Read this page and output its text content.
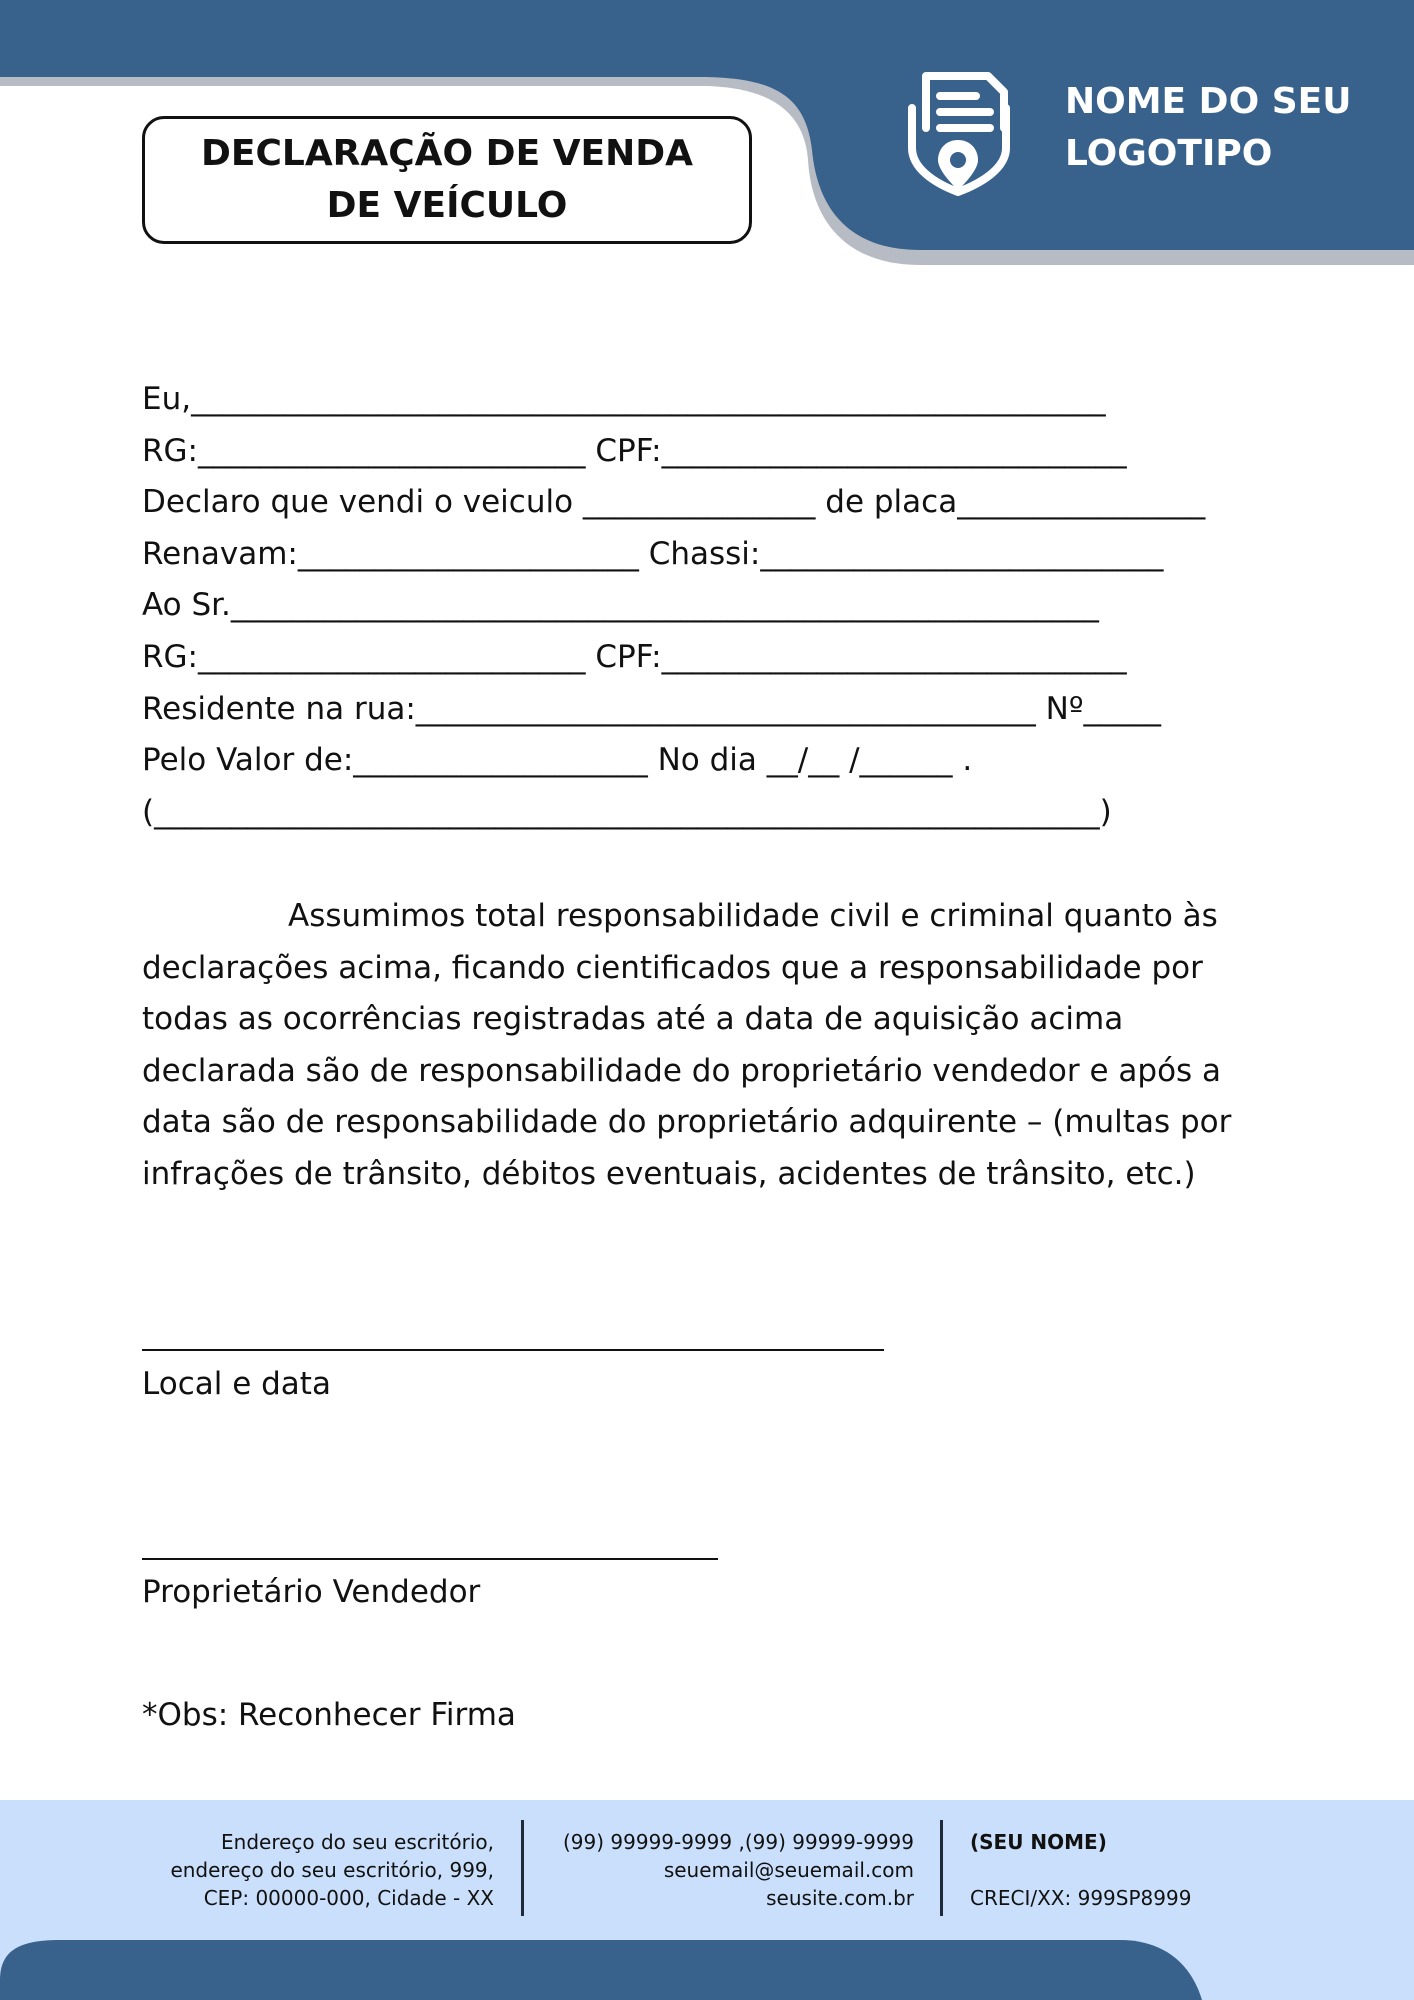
DECLARAÇÃO DE VENDA
DE VEÍCULO
NOME DO SEU
LOGOTIPO
Eu,___________________________________________________________
RG:_________________________ CPF:______________________________
Declaro que vendi o veiculo _______________ de placa________________
Renavam:______________________ Chassi:__________________________
Ao Sr.________________________________________________________
RG:_________________________ CPF:______________________________
Residente na rua:________________________________________ Nº_____
Pelo Valor de:___________________ No dia __/__ /______ .
(_____________________________________________________________)
Assumimos total responsabilidade civil e criminal quanto às declarações acima, ficando cientificados que a responsabilidade por todas as ocorrências registradas até a data de aquisição acima declarada são de responsabilidade do proprietário vendedor e após a data são de responsabilidade do proprietário adquirente – (multas por infrações de trânsito, débitos eventuais, acidentes de trânsito, etc.)
Local e data
Proprietário Vendedor
*Obs: Reconhecer Firma
Endereço do seu escritório,
endereço do seu escritório, 999,
CEP: 00000-000, Cidade - XX
(99) 99999-9999 ,(99) 99999-9999
seuemail@seuemail.com
seusite.com.br
(SEU NOME)
CRECI/XX: 999SP8999
